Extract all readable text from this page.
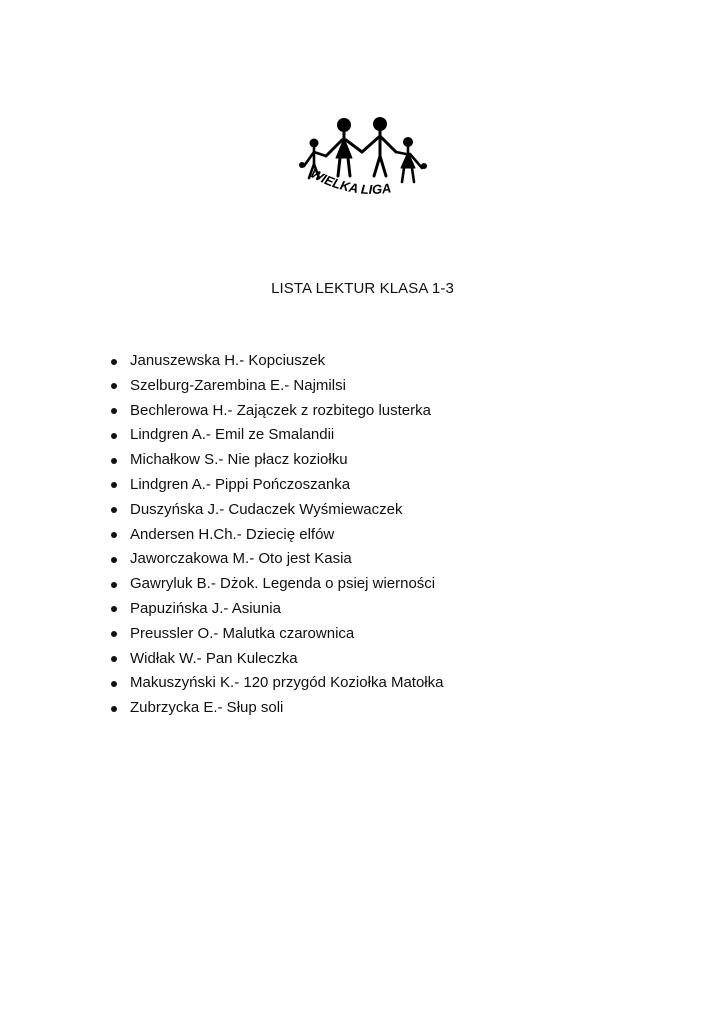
WIELKA LIGA
LISTA LEKTUR KLASA 1-3
Januszewska H.- Kopciuszek
Szelburg-Zarembina E.- Najmilsi
Bechlerowa H.- Zajączek z rozbitego lusterka
Lindgren A.- Emil ze Smalandii
Michałkow S.- Nie płacz koziołku
Lindgren A.- Pippi Pończoszanka
Duszyńska J.- Cudaczek Wyśmiewaczek
Andersen H.Ch.- Dziecię elfów
Jaworczakowa M.- Oto jest Kasia
Gawryluk B.- Dżok. Legenda o psiej wierności
Papuzińska J.- Asiunia
Preussler O.- Malutka czarownica
Widłak W.- Pan Kuleczka
Makuszyński K.- 120 przygód Koziołka Matołka
Zubrzycka E.- Słup soli
